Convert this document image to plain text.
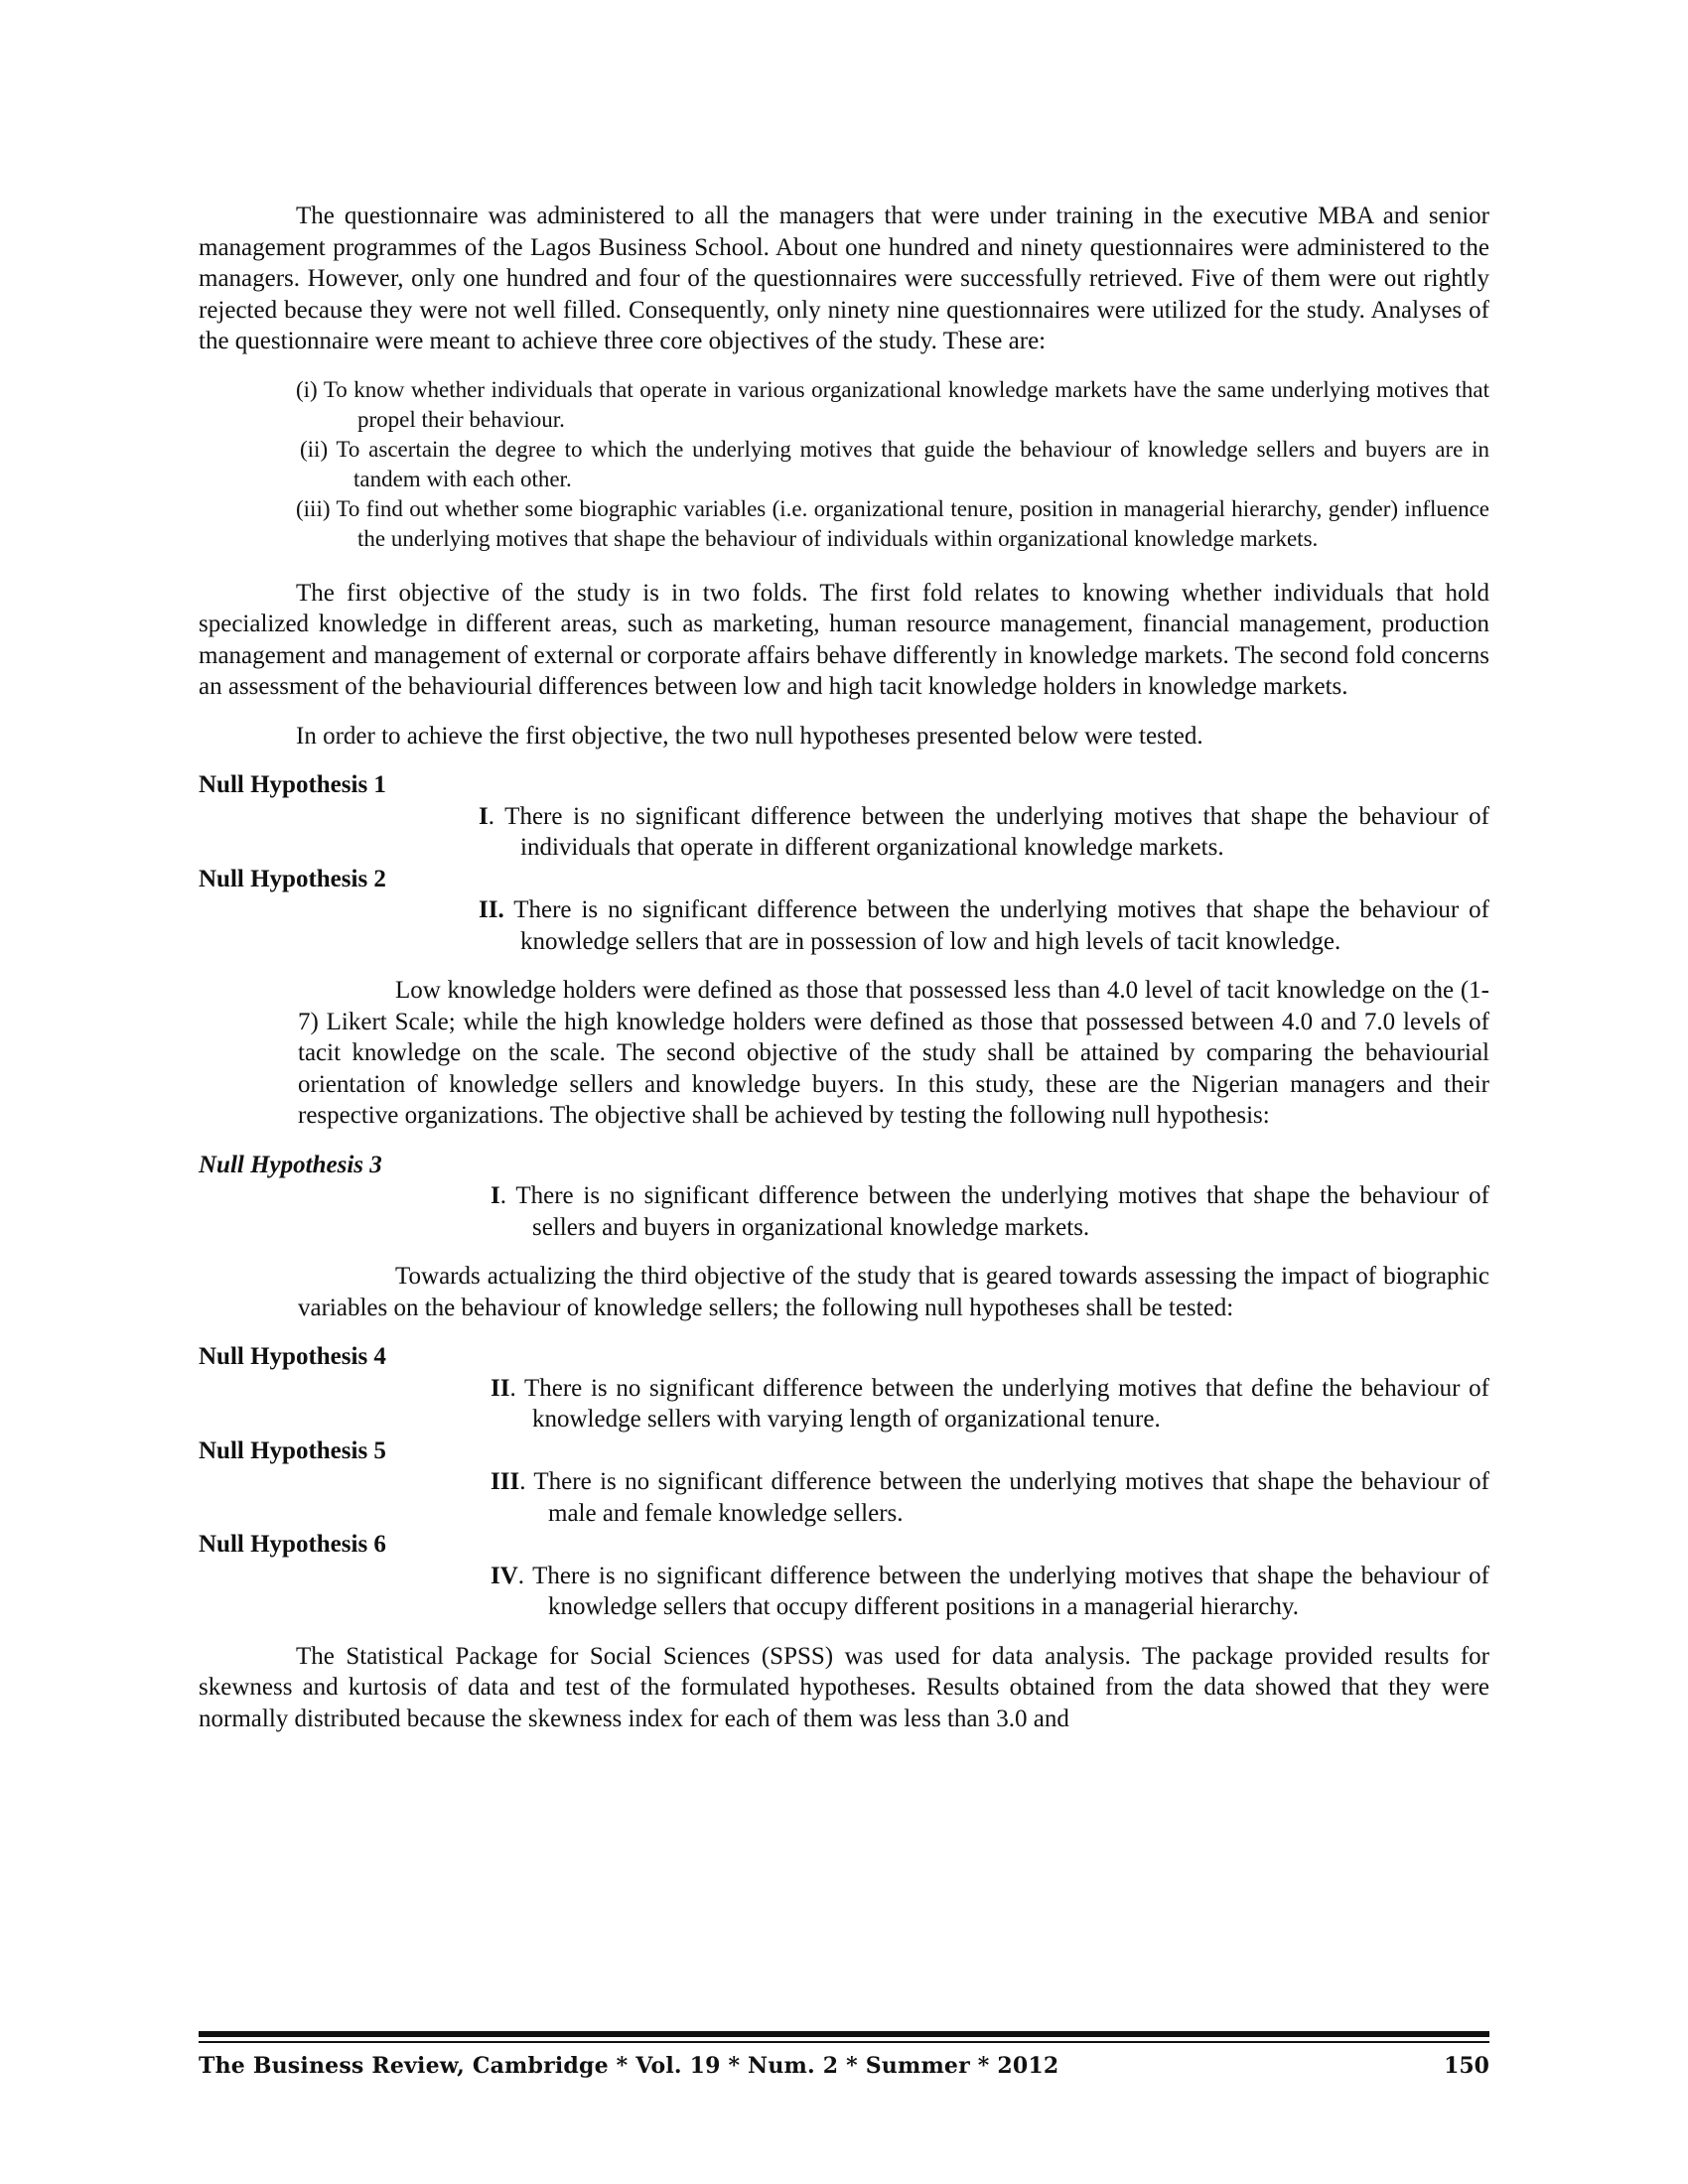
The questionnaire was administered to all the managers that were under training in the executive MBA and senior management programmes of the Lagos Business School. About one hundred and ninety questionnaires were administered to the managers. However, only one hundred and four of the questionnaires were successfully retrieved. Five of them were out rightly rejected because they were not well filled. Consequently, only ninety nine questionnaires were utilized for the study. Analyses of the questionnaire were meant to achieve three core objectives of the study. These are:

(i) To know whether individuals that operate in various organizational knowledge markets have the same underlying motives that propel their behaviour.
(ii) To ascertain the degree to which the underlying motives that guide the behaviour of knowledge sellers and buyers are in tandem with each other.
(iii) To find out whether some biographic variables (i.e. organizational tenure, position in managerial hierarchy, gender) influence the underlying motives that shape the behaviour of individuals within organizational knowledge markets.

The first objective of the study is in two folds. The first fold relates to knowing whether individuals that hold specialized knowledge in different areas, such as marketing, human resource management, financial management, production management and management of external or corporate affairs behave differently in knowledge markets. The second fold concerns an assessment of the behaviourial differences between low and high tacit knowledge holders in knowledge markets.

In order to achieve the first objective, the two null hypotheses presented below were tested.

Null Hypothesis 1
I. There is no significant difference between the underlying motives that shape the behaviour of individuals that operate in different organizational knowledge markets.
Null Hypothesis 2
II. There is no significant difference between the underlying motives that shape the behaviour of knowledge sellers that are in possession of low and high levels of tacit knowledge.

Low knowledge holders were defined as those that possessed less than 4.0 level of tacit knowledge on the (1-7) Likert Scale; while the high knowledge holders were defined as those that possessed between 4.0 and 7.0 levels of tacit knowledge on the scale. The second objective of the study shall be attained by comparing the behaviourial orientation of knowledge sellers and knowledge buyers. In this study, these are the Nigerian managers and their respective organizations. The objective shall be achieved by testing the following null hypothesis:

Null Hypothesis 3
I. There is no significant difference between the underlying motives that shape the behaviour of sellers and buyers in organizational knowledge markets.

Towards actualizing the third objective of the study that is geared towards assessing the impact of biographic variables on the behaviour of knowledge sellers; the following null hypotheses shall be tested:

Null Hypothesis 4
II. There is no significant difference between the underlying motives that define the behaviour of knowledge sellers with varying length of organizational tenure.
Null Hypothesis 5
III. There is no significant difference between the underlying motives that shape the behaviour of male and female knowledge sellers.
Null Hypothesis 6
IV. There is no significant difference between the underlying motives that shape the behaviour of knowledge sellers that occupy different positions in a managerial hierarchy.

The Statistical Package for Social Sciences (SPSS) was used for data analysis. The package provided results for skewness and kurtosis of data and test of the formulated hypotheses. Results obtained from the data showed that they were normally distributed because the skewness index for each of them was less than 3.0 and

The Business Review, Cambridge * Vol. 19 * Num. 2 * Summer * 2012	150
